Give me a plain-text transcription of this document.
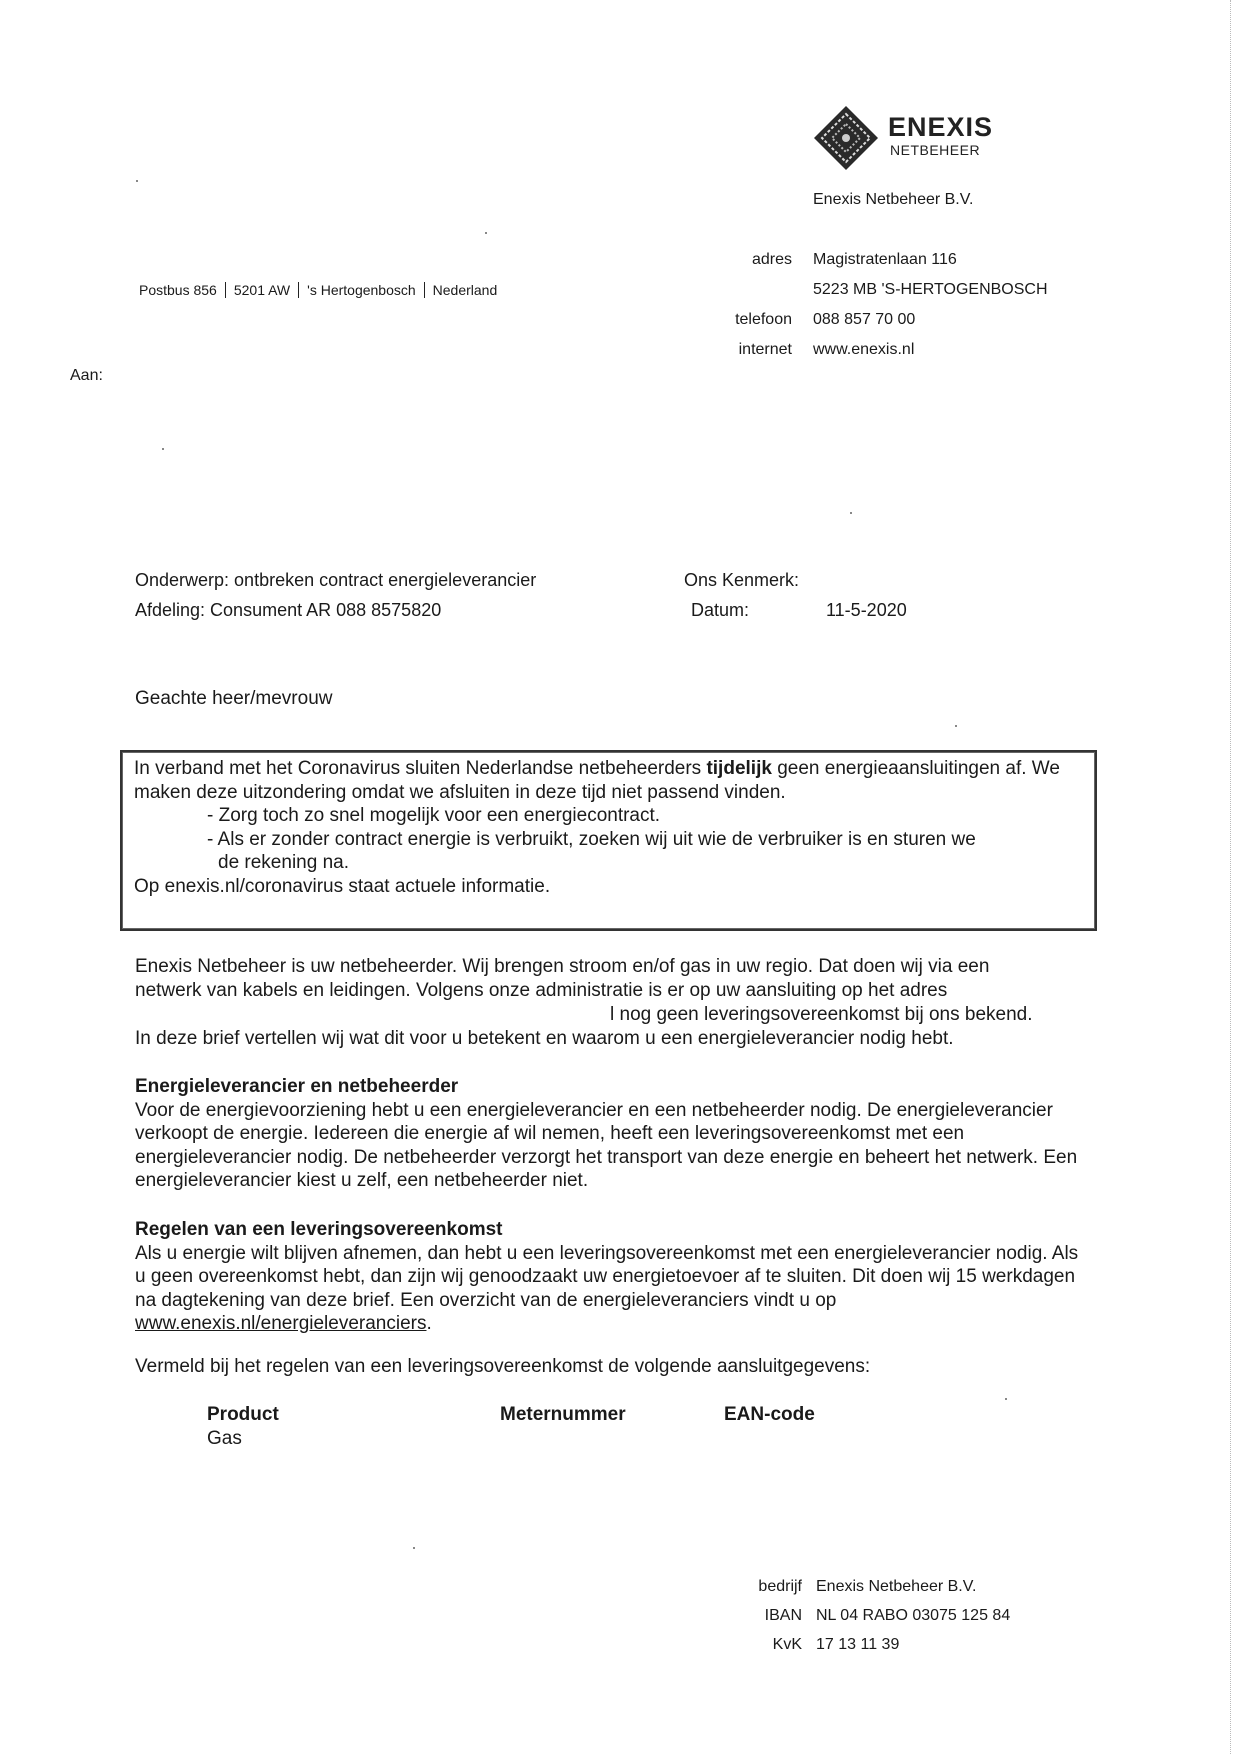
ENEXIS
NETBEHEER
Enexis Netbeheer B.V.
adres Magistratenlaan 116
5223 MB 'S-HERTOGENBOSCH
telefoon 088 857 70 00
internet www.enexis.nl
Postbus 856 5201 AW 's Hertogenbosch Nederland
Aan:
Onderwerp: ontbreken contract energieleverancier
Afdeling: Consument AR 088 8575820
Ons Kenmerk:
Datum:	11-5-2020
Geachte heer/mevrouw
In verband met het Coronavirus sluiten Nederlandse netbeheerders tijdelijk geen energieaansluitingen af. We maken deze uitzondering omdat we afsluiten in deze tijd niet passend vinden.
- Zorg toch zo snel mogelijk voor een energiecontract.
- Als er zonder contract energie is verbruikt, zoeken wij uit wie de verbruiker is en sturen we
de rekening na.
Op enexis.nl/coronavirus staat actuele informatie.
Enexis Netbeheer is uw netbeheerder. Wij brengen stroom en/of gas in uw regio. Dat doen wij via een
netwerk van kabels en leidingen. Volgens onze administratie is er op uw aansluiting op het adres
l nog geen leveringsovereenkomst bij ons bekend.
In deze brief vertellen wij wat dit voor u betekent en waarom u een energieleverancier nodig hebt.
Energieleverancier en netbeheerder
Voor de energievoorziening hebt u een energieleverancier en een netbeheerder nodig. De energieleverancier verkoopt de energie. Iedereen die energie af wil nemen, heeft een leveringsovereenkomst met een energieleverancier nodig. De netbeheerder verzorgt het transport van deze energie en beheert het netwerk. Een energieleverancier kiest u zelf, een netbeheerder niet.
Regelen van een leveringsovereenkomst
Als u energie wilt blijven afnemen, dan hebt u een leveringsovereenkomst met een energieleverancier nodig. Als u geen overeenkomst hebt, dan zijn wij genoodzaakt uw energietoevoer af te sluiten. Dit doen wij 15 werkdagen na dagtekening van deze brief. Een overzicht van de energieleveranciers vindt u op www.enexis.nl/energieleveranciers.
Vermeld bij het regelen van een leveringsovereenkomst de volgende aansluitgegevens:
Product	Meternummer	EAN-code
Gas
bedrijf Enexis Netbeheer B.V.
IBAN NL 04 RABO 03075 125 84
KvK 17 13 11 39
